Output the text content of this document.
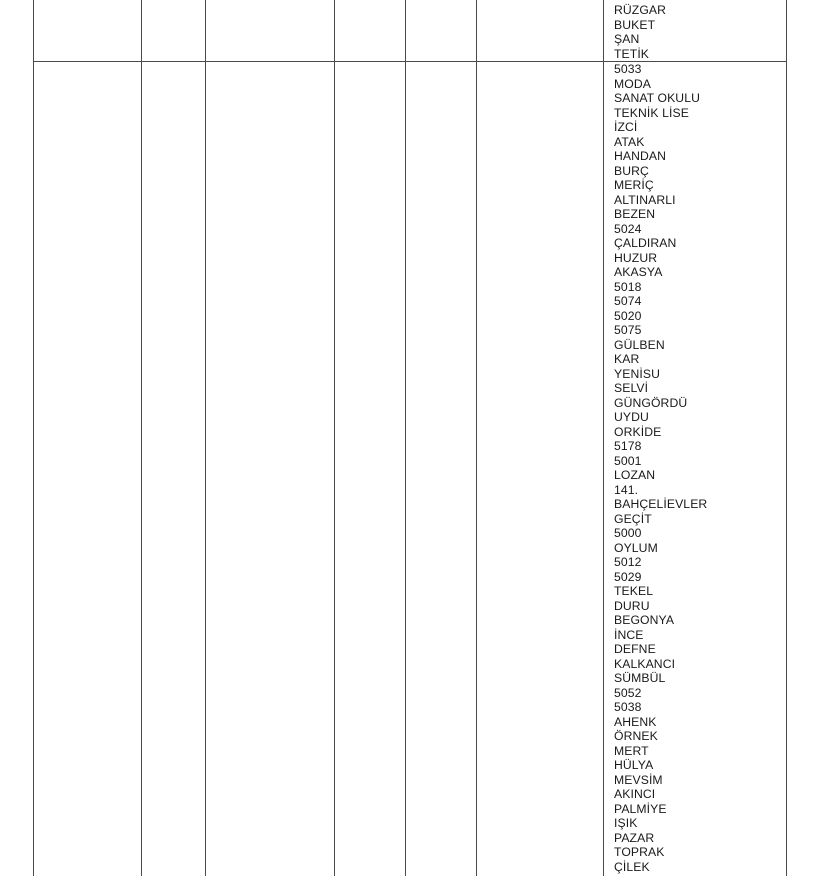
RÜZGAR
BUKET
ŞAN
TETİK
5033
MODA
SANAT OKULU
TEKNİK LİSE
İZCİ
ATAK
HANDAN
BURÇ
MERİÇ
ALTINARLI
BEZEN
5024
ÇALDIRAN
HUZUR
AKASYA
5018
5074
5020
5075
GÜLBEN
KAR
YENİSU
SELVİ
GÜNGÖRDÜ
UYDU
ORKİDE
5178
5001
LOZAN
141.
BAHÇELİEVLER
GEÇİT
5000
OYLUM
5012
5029
TEKEL
DURU
BEGONYA
İNCE
DEFNE
KALKANCI
SÜMBÜL
5052
5038
AHENK
ÖRNEK
MERT
HÜLYA
MEVSİM
AKINCI
PALMİYE
IŞIK
PAZAR
TOPRAK
ÇİLEK
